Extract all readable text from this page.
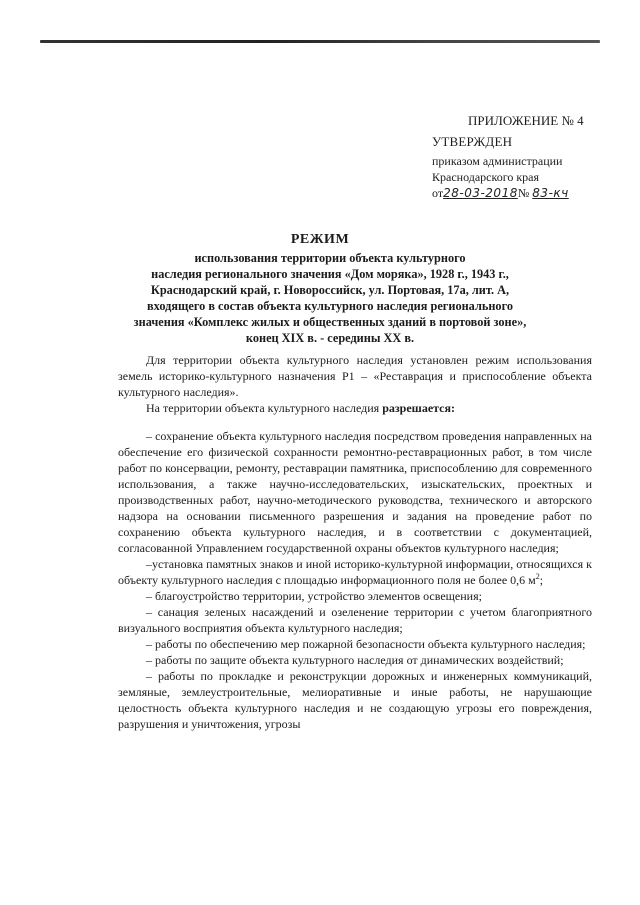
ПРИЛОЖЕНИЕ № 4
УТВЕРЖДЕН
приказом администрации
Краснодарского края
от28-03-2018№ 83-кч
РЕЖИМ
использования территории объекта культурного
наследия регионального значения «Дом моряка», 1928 г., 1943 г.,
Краснодарский край, г. Новороссийск, ул. Портовая, 17а, лит. А,
входящего в состав объекта культурного наследия регионального
значения «Комплекс жилых и общественных зданий в портовой зоне»,
конец XIX в. - середины XX в.

Для территории объекта культурного наследия установлен режим использования земель историко-культурного назначения Р1 – «Реставрация и приспособление объекта культурного наследия».

На территории объекта культурного наследия разрешается:

– сохранение объекта культурного наследия посредством проведения направленных на обеспечение его физической сохранности ремонтно-реставрационных работ, в том числе работ по консервации, ремонту, реставрации памятника, приспособлению для современного использования, а также научно-исследовательских, изыскательских, проектных и производственных работ, научно-методического руководства, технического и авторского надзора на основании письменного разрешения и задания на проведение работ по сохранению объекта культурного наследия, и в соответствии с документацией, согласованной Управлением государственной охраны объектов культурного наследия;

–установка памятных знаков и иной историко-культурной информации, относящихся к объекту культурного наследия с площадью информационного поля не более 0,6 $м^2$;

– благоустройство территории, устройство элементов освещения;

– санация зеленых насаждений и озеленение территории с учетом благоприятного визуального восприятия объекта культурного наследия;

– работы по обеспечению мер пожарной безопасности объекта культурного наследия;

– работы по защите объекта культурного наследия от динамических воздействий;

– работы по прокладке и реконструкции дорожных и инженерных коммуникаций, земляные, землеустроительные, мелиоративные и иные работы, не нарушающие целостность объекта культурного наследия и не создающую угрозы его повреждения, разрушения и уничтожения, угрозы
